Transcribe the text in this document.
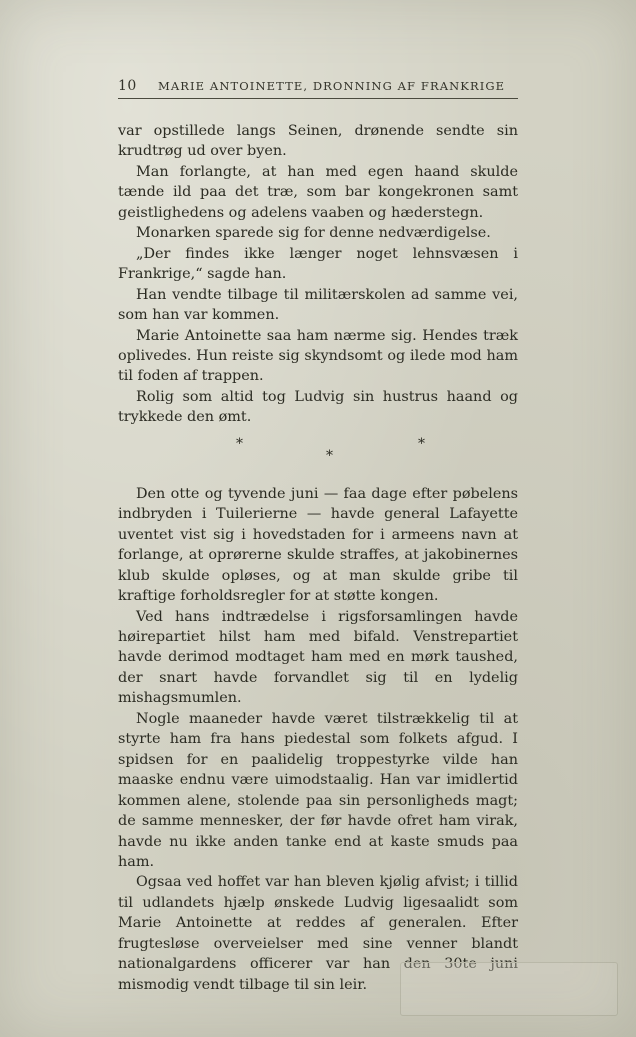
10	MARIE ANTOINETTE, DRONNING AF FRANKRIGE

var opstillede langs Seinen, drønende sendte sin krudtrøg ud over byen.

Man forlangte, at han med egen haand skulde tænde ild paa det træ, som bar kongekronen samt geistlighedens og adelens vaaben og hæderstegn.

Monarken sparede sig for denne nedværdigelse.

„Der findes ikke længer noget lehnsvæsen i Frankrige,“ sagde han.

Han vendte tilbage til militærskolen ad samme vei, som han var kommen.

Marie Antoinette saa ham nærme sig. Hendes træk oplivedes. Hun reiste sig skyndsomt og ilede mod ham til foden af trappen.

Rolig som altid tog Ludvig sin hustrus haand og trykkede den ømt.

*
*
*

Den otte og tyvende juni — faa dage efter pøbelens indbryden i Tuilerierne — havde general Lafayette uventet vist sig i hovedstaden for i armeens navn at forlange, at oprørerne skulde straffes, at jakobinernes klub skulde opløses, og at man skulde gribe til kraftige forholdsregler for at støtte kongen.

Ved hans indtrædelse i rigsforsamlingen havde høirepartiet hilst ham med bifald. Venstrepartiet havde derimod modtaget ham med en mørk taushed, der snart havde forvandlet sig til en lydelig mishagsmumlen.

Nogle maaneder havde været tilstrækkelig til at styrte ham fra hans piedestal som folkets afgud. I spidsen for en paalidelig troppestyrke vilde han maaske endnu være uimodstaalig. Han var imidlertid kommen alene, stolende paa sin personligheds magt; de samme mennesker, der før havde ofret ham virak, havde nu ikke anden tanke end at kaste smuds paa ham.

Ogsaa ved hoffet var han bleven kjølig afvist; i tillid til udlandets hjælp ønskede Ludvig ligesaalidt som Marie Antoinette at reddes af generalen. Efter frugtesløse overveielser med sine venner blandt nationalgardens officerer var han den 30te juni mismodig vendt tilbage til sin leir.
